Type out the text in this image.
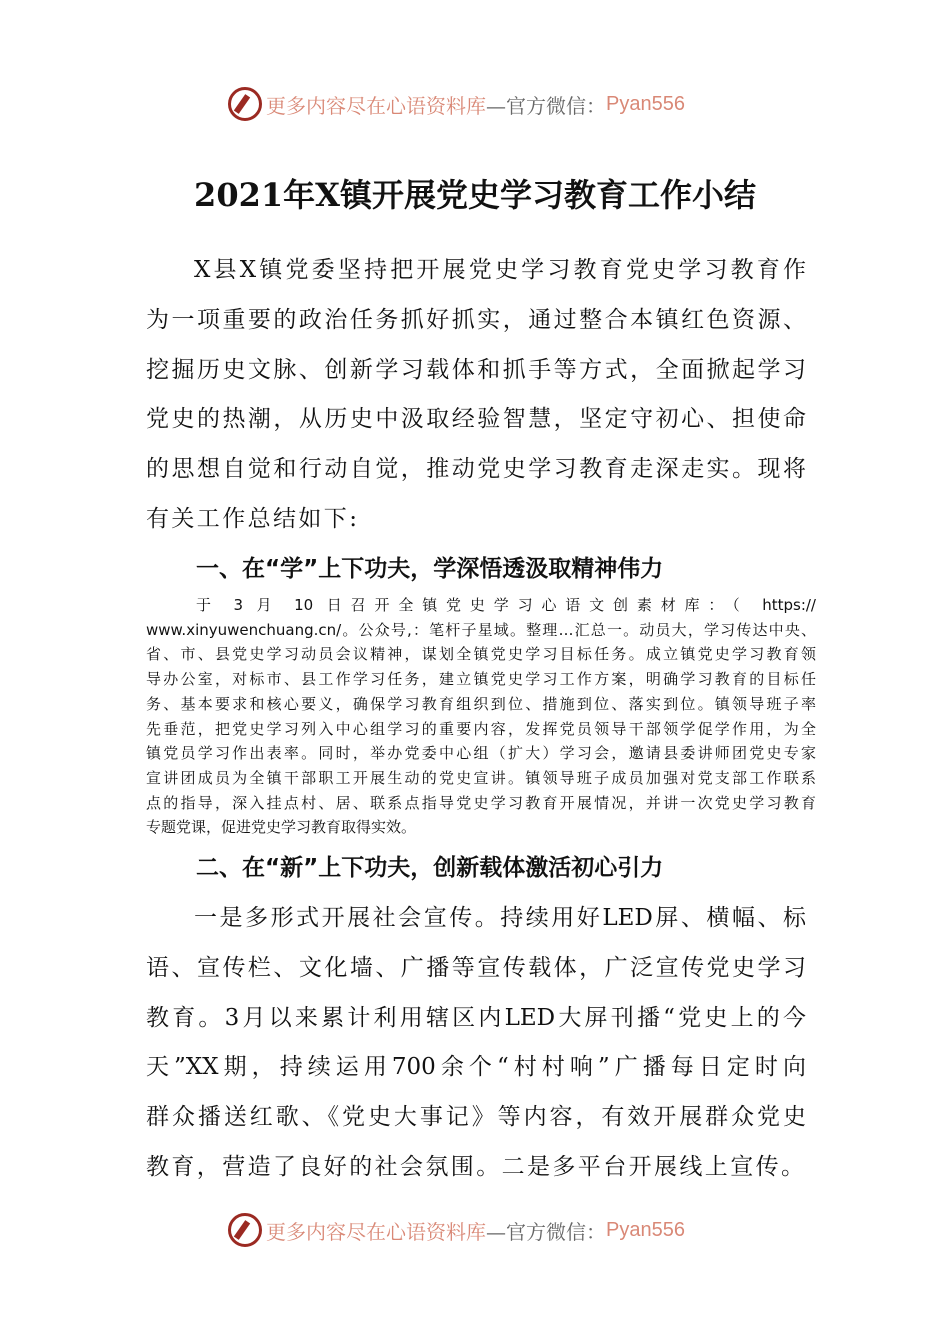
更多内容尽在心语资料库 —官方微信： Pyan556
2021年X镇开展党史学习教育工作小结
X县X镇党委坚持把开展党史学习教育党史学习教育作
为一项重要的政治任务抓好抓实，通过整合本镇红色资源、
挖掘历史文脉、创新学习载体和抓手等方式，全面掀起学习
党史的热潮，从历史中汲取经验智慧，坚定守初心、担使命
的思想自觉和行动自觉，推动党史学习教育走深走实。现将
有关工作总结如下:
一、在“学”上下功夫，学深悟透汲取精神伟力
于 3 月 10 日召开全镇党史学习心语文创素材库：（ https://
www.xinyuwenchuang.cn/。公众号,：笔杆子星域。整理…汇总一。动员大，学习传达中央、
省、市、县党史学习动员会议精神，谋划全镇党史学习目标任务。成立镇党史学习教育领
导办公室，对标市、县工作学习任务，建立镇党史学习工作方案，明确学习教育的目标任
务、基本要求和核心要义，确保学习教育组织到位、措施到位、落实到位。镇领导班子率
先垂范，把党史学习列入中心组学习的重要内容，发挥党员领导干部领学促学作用，为全
镇党员学习作出表率。同时，举办党委中心组（扩大）学习会，邀请县委讲师团党史专家
宣讲团成员为全镇干部职工开展生动的党史宣讲。镇领导班子成员加强对党支部工作联系
点的指导，深入挂点村、居、联系点指导党史学习教育开展情况，并讲一次党史学习教育
专题党课，促进党史学习教育取得实效。
二、在“新”上下功夫，创新载体激活初心引力
一是多形式开展社会宣传。持续用好LED屏、横幅、标
语、宣传栏、文化墙、广播等宣传载体，广泛宣传党史学习
教育。3月以来累计利用辖区内LED大屏刊播“党史上的今
天”XX期，持续运用700余个“村村响”广播每日定时向
群众播送红歌、《党史大事记》等内容，有效开展群众党史
教育，营造了良好的社会氛围。二是多平台开展线上宣传。
更多内容尽在心语资料库 —官方微信： Pyan556
